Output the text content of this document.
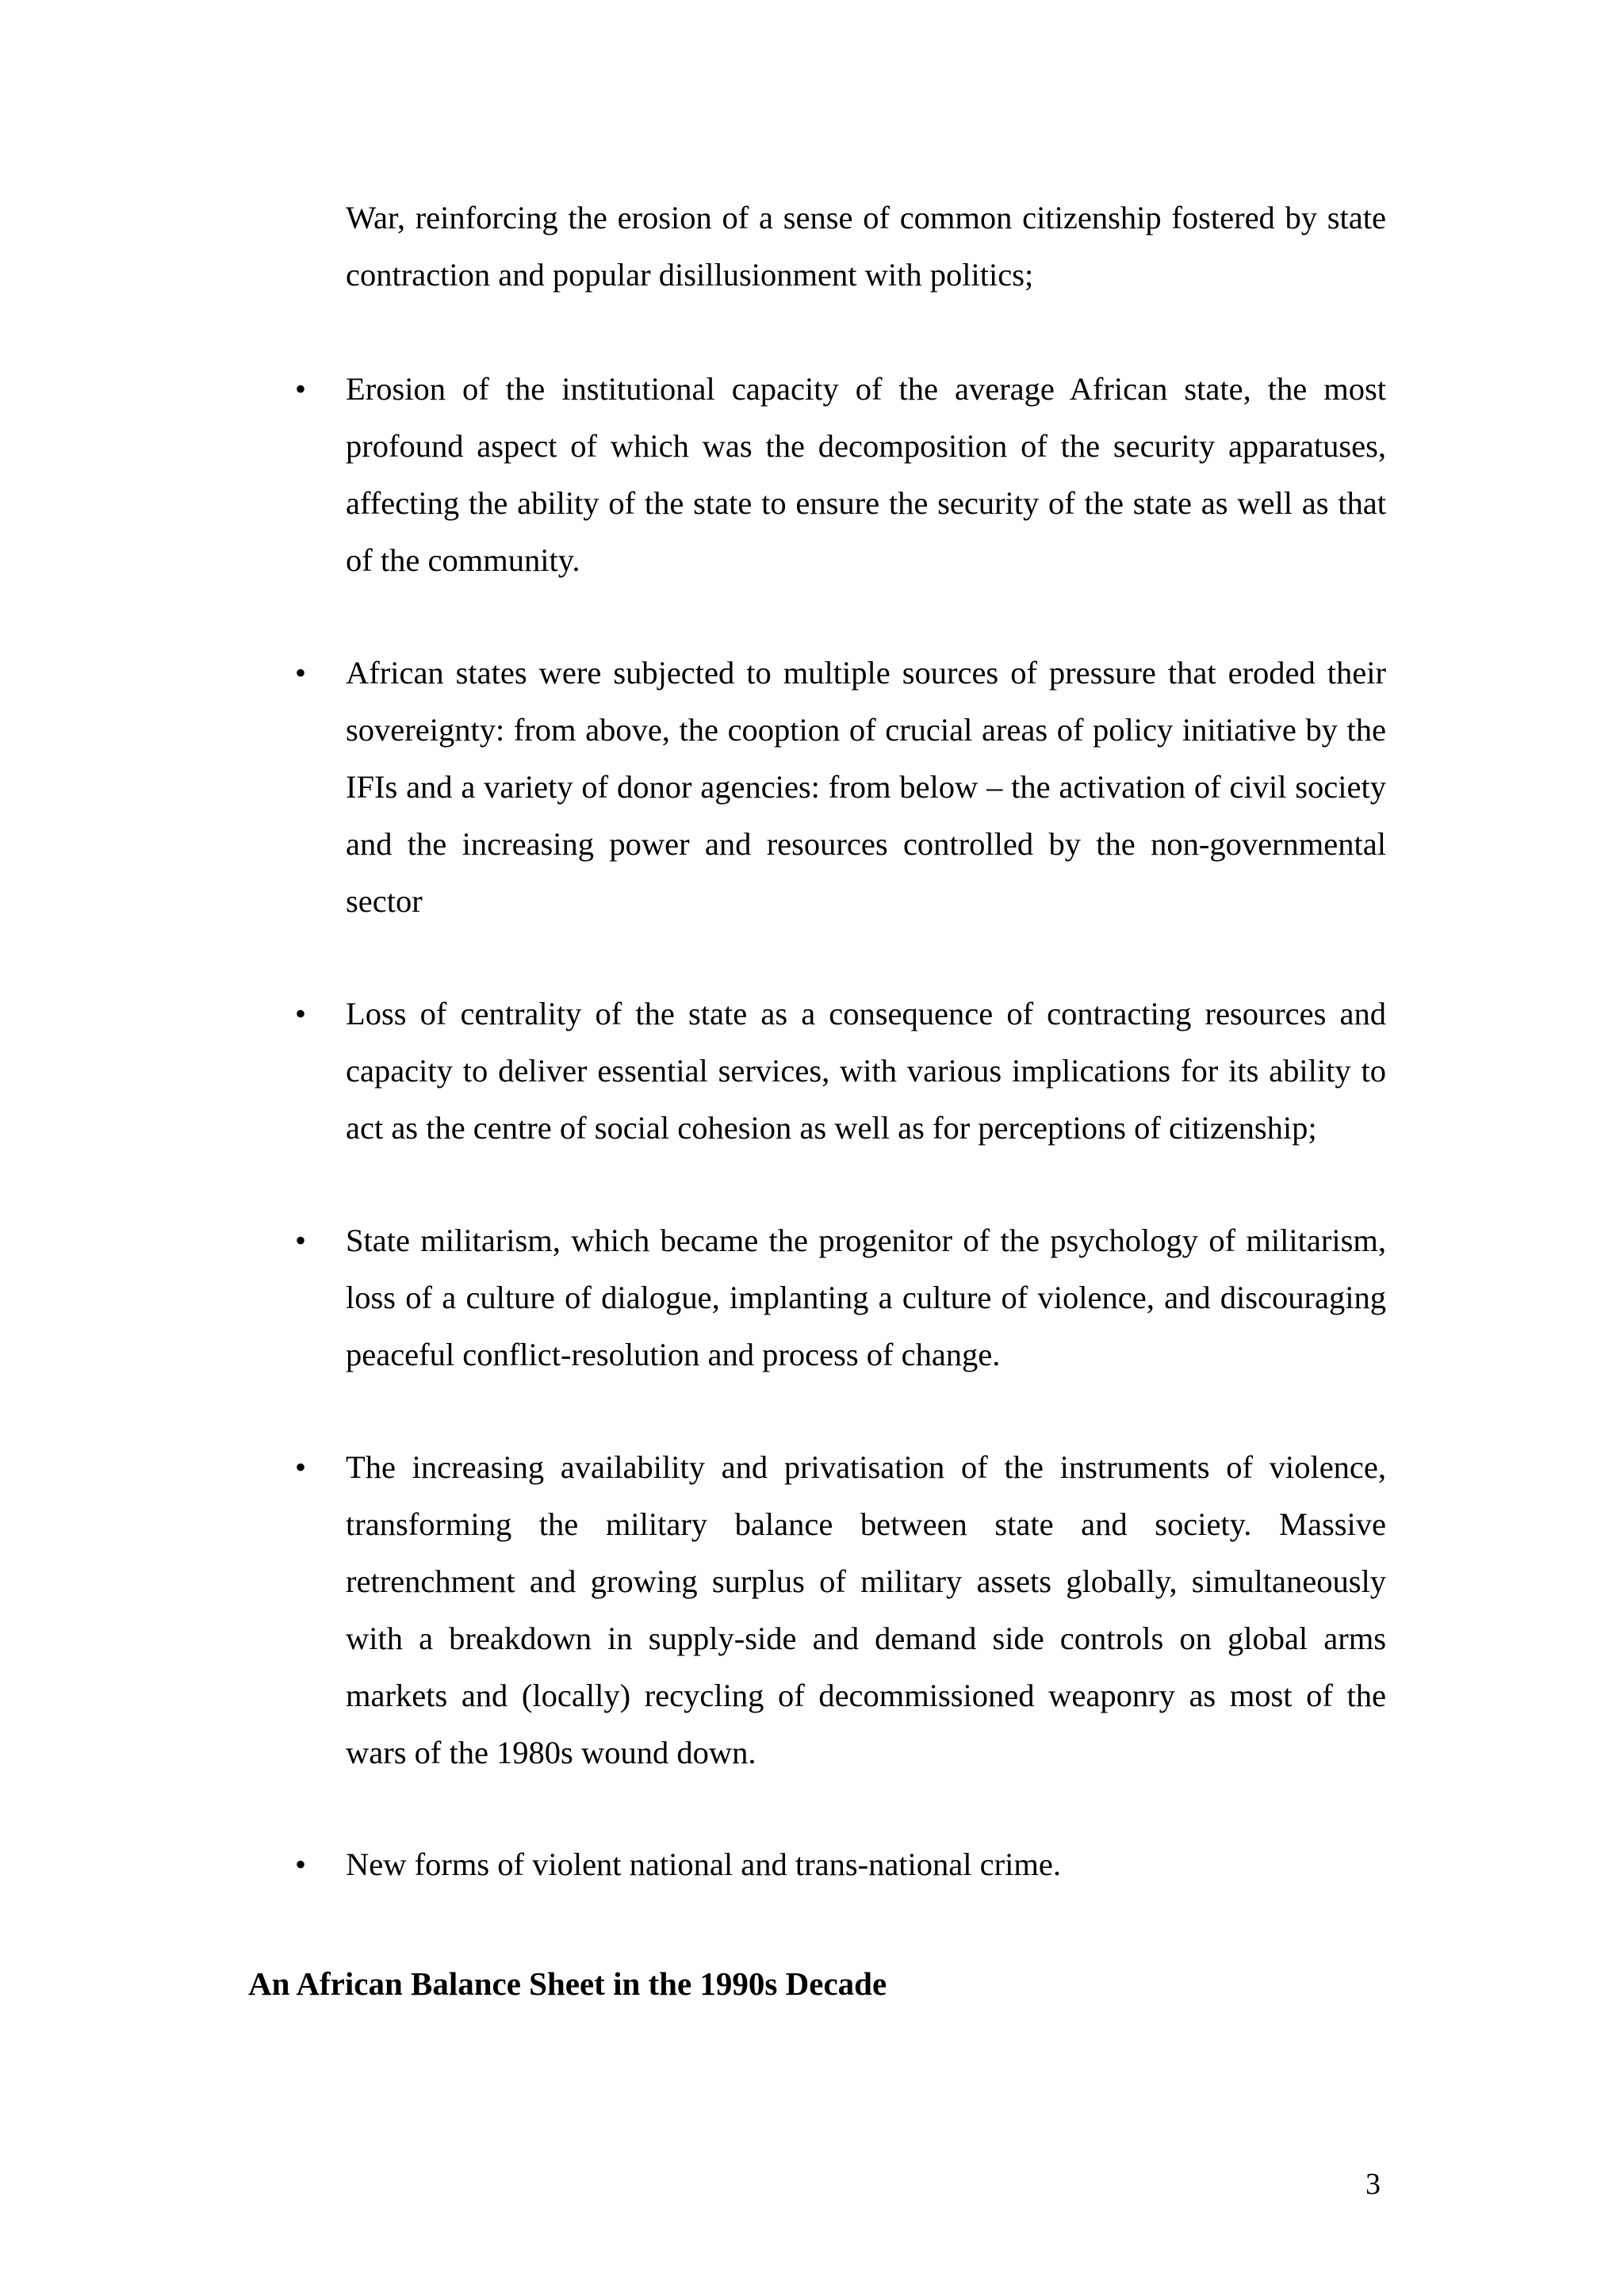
War, reinforcing the erosion of a sense of common citizenship fostered by state contraction and popular disillusionment with politics;

• Erosion of the institutional capacity of the average African state, the most profound aspect of which was the decomposition of the security apparatuses, affecting the ability of the state to ensure the security of the state as well as that of the community.

• African states were subjected to multiple sources of pressure that eroded their sovereignty: from above, the cooption of crucial areas of policy initiative by the IFIs and a variety of donor agencies: from below – the activation of civil society and the increasing power and resources controlled by the non-governmental sector

• Loss of centrality of the state as a consequence of contracting resources and capacity to deliver essential services, with various implications for its ability to act as the centre of social cohesion as well as for perceptions of citizenship;

• State militarism, which became the progenitor of the psychology of militarism, loss of a culture of dialogue, implanting a culture of violence, and discouraging peaceful conflict-resolution and process of change.

• The increasing availability and privatisation of the instruments of violence, transforming the military balance between state and society. Massive retrenchment and growing surplus of military assets globally, simultaneously with a breakdown in supply-side and demand side controls on global arms markets and (locally) recycling of decommissioned weaponry as most of the wars of the 1980s wound down.

• New forms of violent national and trans-national crime.

An African Balance Sheet in the 1990s Decade
3
